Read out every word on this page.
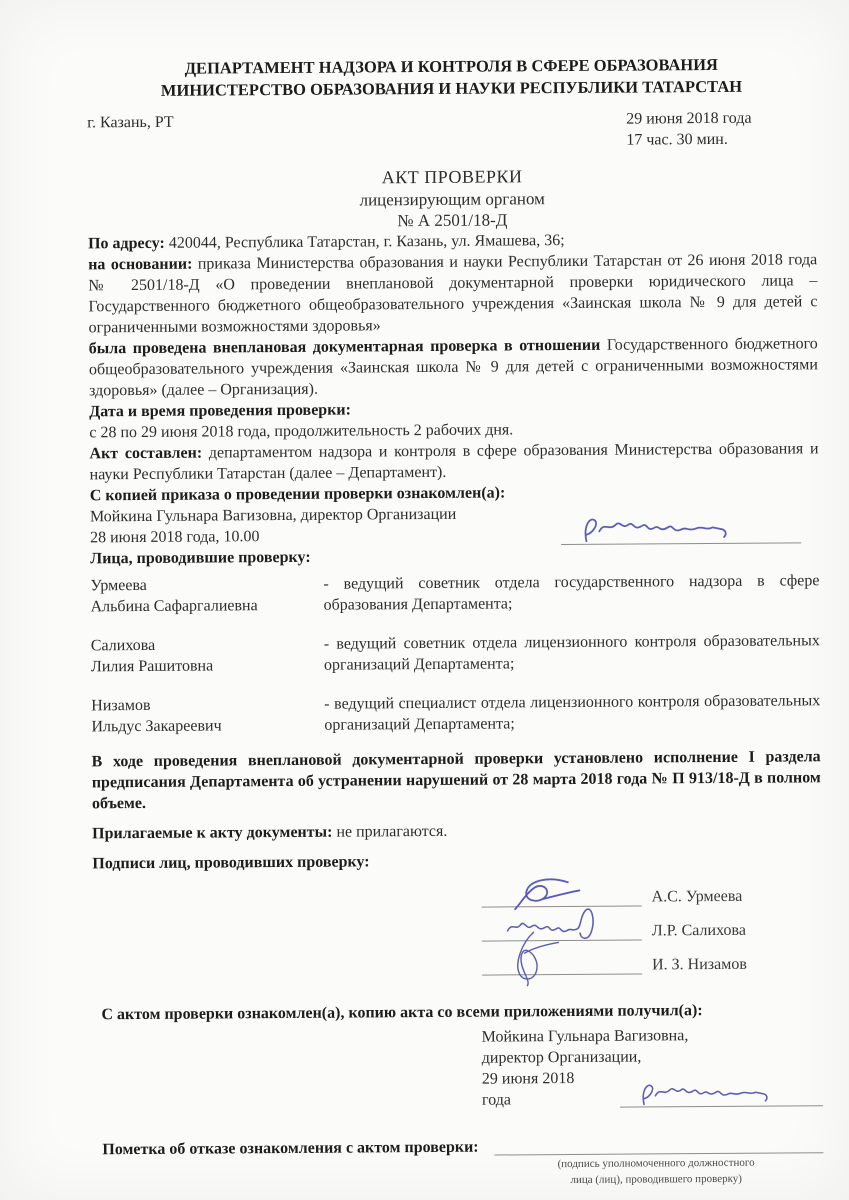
ДЕПАРТАМЕНТ НАДЗОРА И КОНТРОЛЯ В СФЕРЕ ОБРАЗОВАНИЯ
МИНИСТЕРСТВО ОБРАЗОВАНИЯ И НАУКИ РЕСПУБЛИКИ ТАТАРСТАН
г. Казань, РТ	29 июня 2018 года
17 час. 30 мин.
АКТ ПРОВЕРКИ
лицензирующим органом
№ А 2501/18-Д

По адресу: 420044, Республика Татарстан, г. Казань, ул. Ямашева, 36;

на основании: приказа Министерства образования и науки Республики Татарстан от 26 июня 2018 года № 2501/18-Д «О проведении внеплановой документарной проверки юридического лица – Государственного бюджетного общеобразовательного учреждения «Заинская школа № 9 для детей с ограниченными возможностями здоровья»

была проведена внеплановая документарная проверка в отношении Государственного бюджетного общеобразовательного учреждения «Заинская школа № 9 для детей с ограниченными возможностями здоровья» (далее – Организация).

Дата и время проведения проверки:

с 28 по 29 июня 2018 года, продолжительность 2 рабочих дня.

Акт составлен: департаментом надзора и контроля в сфере образования Министерства образования и науки Республики Татарстан (далее – Департамент).

С копией приказа о проведении проверки ознакомлен(а):

Мойкина Гульнара Вагизовна, директор Организации

28 июня 2018 года, 10.00

Лица, проводившие проверку:

Урмеева
Альбина Сафаргалиевна
- ведущий советник отдела государственного надзора в сфере образования Департамента;
Салихова
Лилия Рашитовна
- ведущий советник отдела лицензионного контроля образовательных организаций Департамента;
Низамов
Ильдус Закареевич
- ведущий специалист отдела лицензионного контроля образовательных организаций Департамента;

В ходе проведения внеплановой документарной проверки установлено исполнение I раздела предписания Департамента об устранении нарушений от 28 марта 2018 года № П 913/18-Д в полном объеме.

Прилагаемые к акту документы: не прилагаются.

Подписи лиц, проводивших проверку:

А.С. Урмеева
Л.Р. Салихова
И. З. Низамов

С актом проверки ознакомлен(а), копию акта со всеми приложениями получил(а):

Мойкина Гульнара Вагизовна,
директор Организации,
29 июня 2018 года
Пометка об отказе ознакомления с актом проверки:
(подпись уполномоченного должностного
лица (лиц), проводившего проверку)
